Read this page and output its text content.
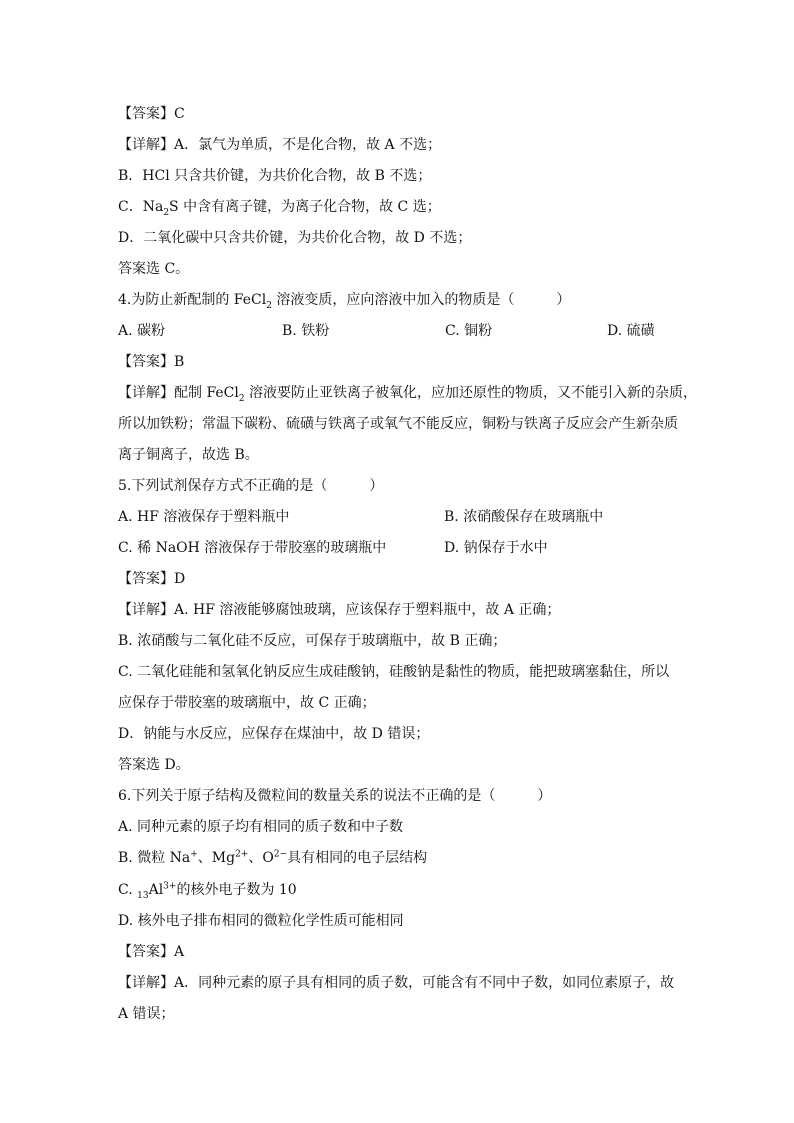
【答案】C
【详解】A．氯气为单质，不是化合物，故 A 不选；
B．HCl 只含共价键，为共价化合物，故 B 不选；
C．$Na_2S$ 中含有离子键，为离子化合物，故 C 选；
D．二氧化碳中只含共价键，为共价化合物，故 D 不选；
答案选 C。
4.为防止新配制的 FeCl$_2$ 溶液变质，应向溶液中加入的物质是（　　　）
A. 碳粉	B. 铁粉	C. 铜粉	D. 硫磺
【答案】B
【详解】配制 FeCl$_2$ 溶液要防止亚铁离子被氧化，应加还原性的物质，又不能引入新的杂质，
所以加铁粉；常温下碳粉、硫磺与铁离子或氧气不能反应，铜粉与铁离子反应会产生新杂质
离子铜离子，故选 B。
5.下列试剂保存方式不正确的是（　　　）
A. HF 溶液保存于塑料瓶中	B. 浓硝酸保存在玻璃瓶中
C. 稀 NaOH 溶液保存于带胶塞的玻璃瓶中	D. 钠保存于水中
【答案】D
【详解】A. HF 溶液能够腐蚀玻璃，应该保存于塑料瓶中，故 A 正确；
B. 浓硝酸与二氧化硅不反应，可保存于玻璃瓶中，故 B 正确；
C. 二氧化硅能和氢氧化钠反应生成硅酸钠，硅酸钠是黏性的物质，能把玻璃塞黏住，所以
应保存于带胶塞的玻璃瓶中，故 C 正确；
D．钠能与水反应，应保存在煤油中，故 D 错误；
答案选 D。
6.下列关于原子结构及微粒间的数量关系的说法不正确的是（　　　）
A. 同种元素的原子均有相同的质子数和中子数
B. 微粒 Na+、$Mg^{2+}$、$O^{2-}$具有相同的电子层结构
C. $_{13}Al^{3+}$的核外电子数为 10
D. 核外电子排布相同的微粒化学性质可能相同
【答案】A
【详解】A．同种元素的原子具有相同的质子数，可能含有不同中子数，如同位素原子，故
A 错误；
